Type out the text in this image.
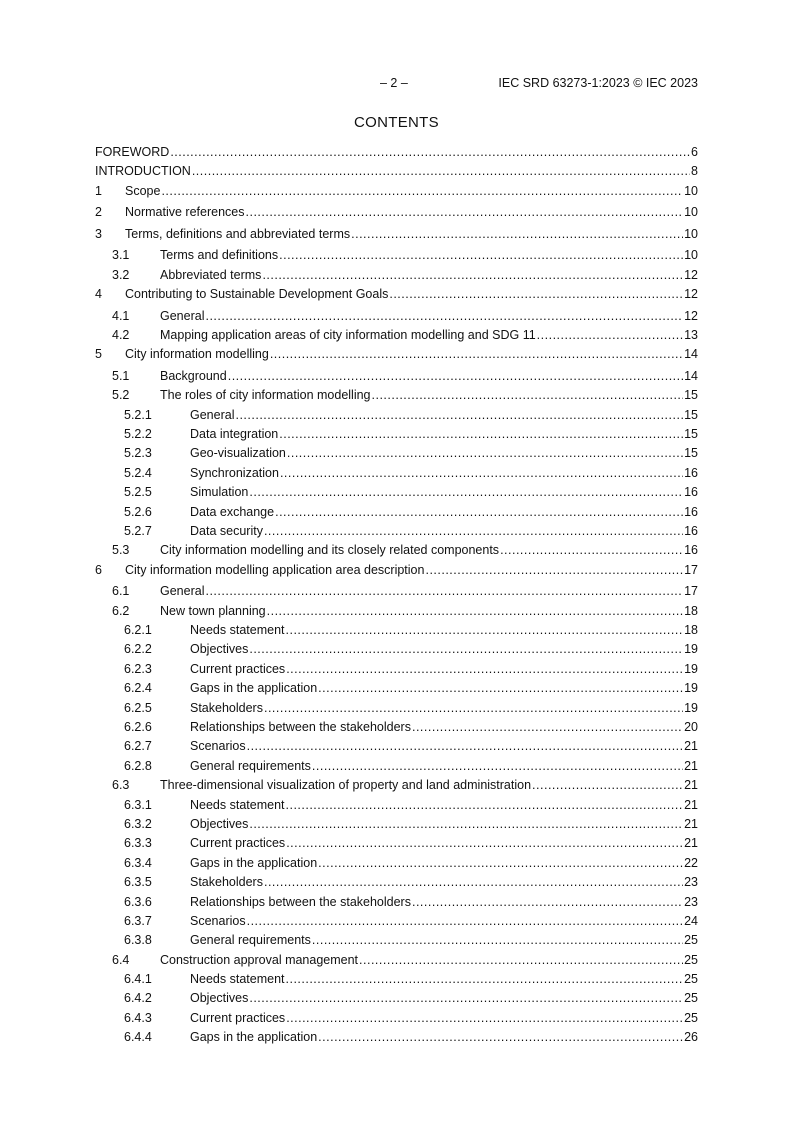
– 2 –	IEC SRD 63273-1:2023 © IEC 2023
CONTENTS
FOREWORD .....	6
INTRODUCTION .....	8
1	Scope .....	10
2	Normative references .....	10
3	Terms, definitions and abbreviated terms .....	10
3.1	Terms and definitions .....	10
3.2	Abbreviated terms .....	12
4	Contributing to Sustainable Development Goals .....	12
4.1	General .....	12
4.2	Mapping application areas of city information modelling and SDG 11 .....	13
5	City information modelling .....	14
5.1	Background .....	14
5.2	The roles of city information modelling .....	15
5.2.1	General .....	15
5.2.2	Data integration .....	15
5.2.3	Geo-visualization .....	15
5.2.4	Synchronization .....	16
5.2.5	Simulation .....	16
5.2.6	Data exchange .....	16
5.2.7	Data security .....	16
5.3	City information modelling and its closely related components .....	16
6	City information modelling application area description .....	17
6.1	General .....	17
6.2	New town planning .....	18
6.2.1	Needs statement .....	18
6.2.2	Objectives .....	19
6.2.3	Current practices .....	19
6.2.4	Gaps in the application .....	19
6.2.5	Stakeholders .....	19
6.2.6	Relationships between the stakeholders .....	20
6.2.7	Scenarios .....	21
6.2.8	General requirements .....	21
6.3	Three-dimensional visualization of property and land administration .....	21
6.3.1	Needs statement .....	21
6.3.2	Objectives .....	21
6.3.3	Current practices .....	21
6.3.4	Gaps in the application .....	22
6.3.5	Stakeholders .....	23
6.3.6	Relationships between the stakeholders .....	23
6.3.7	Scenarios .....	24
6.3.8	General requirements .....	25
6.4	Construction approval management .....	25
6.4.1	Needs statement .....	25
6.4.2	Objectives .....	25
6.4.3	Current practices .....	25
6.4.4	Gaps in the application .....	26
